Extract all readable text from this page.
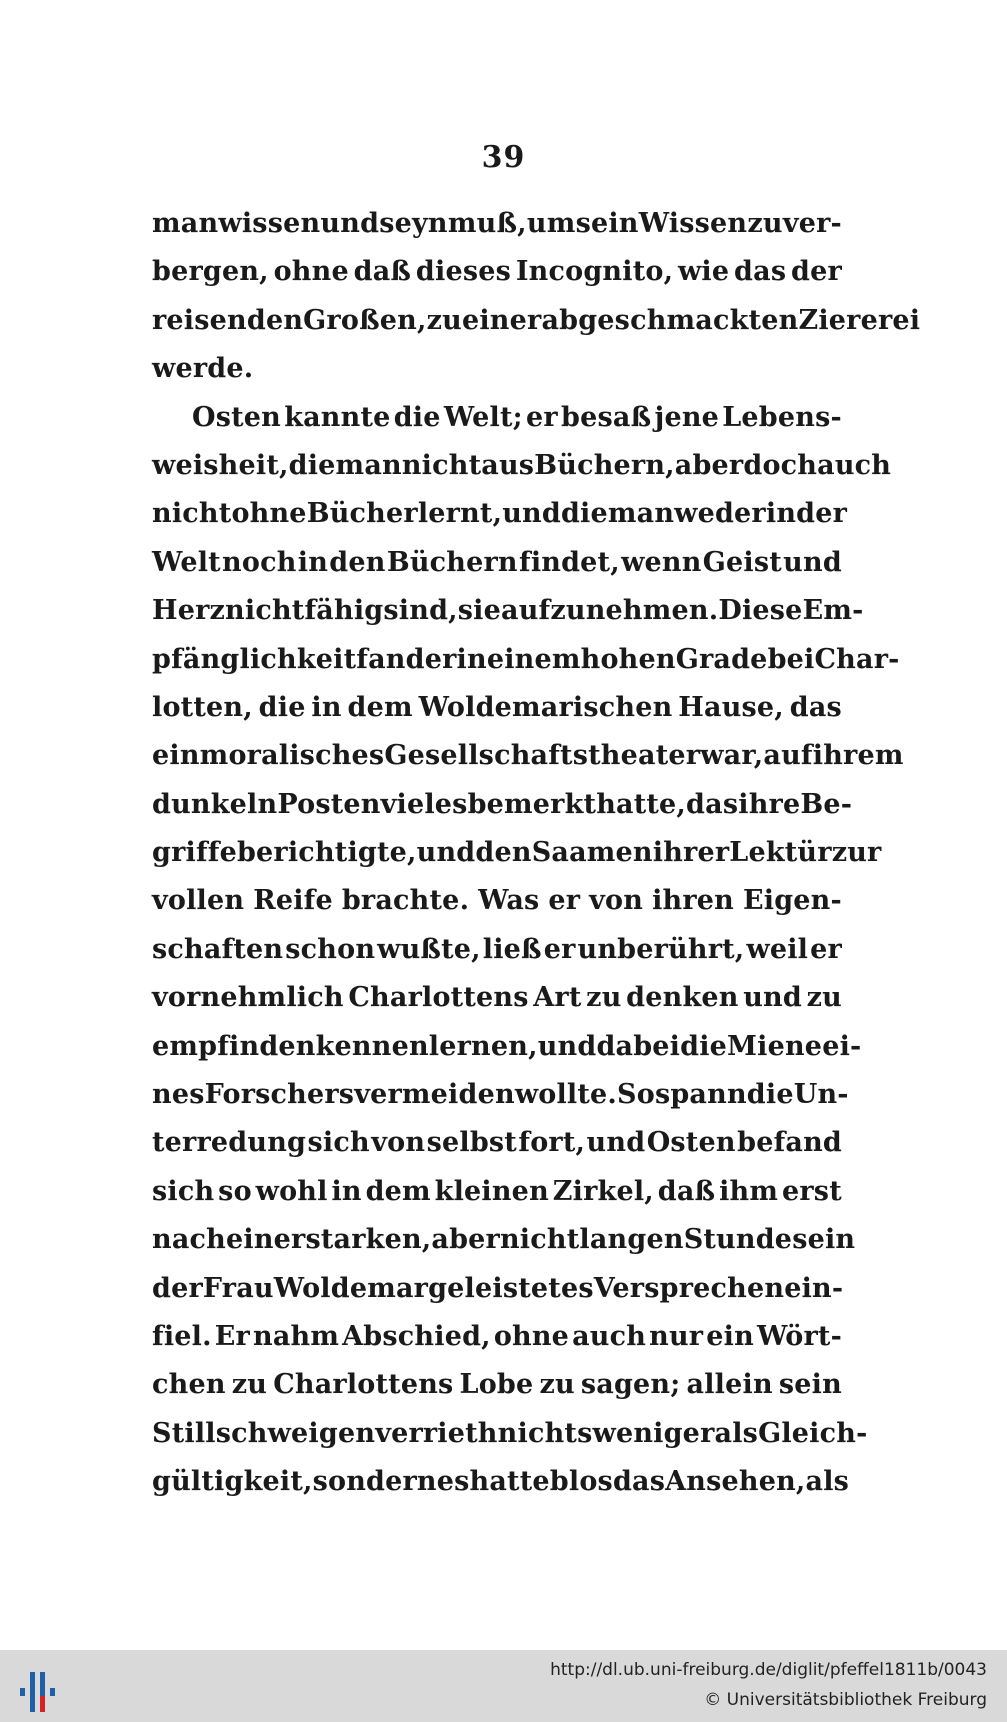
39
man wissen und seyn muß, um sein Wissen zu ver-
bergen, ohne daß dieses Incognito, wie das der
reisenden Großen, zu einer abgeschmackten Ziererei
werde.
Osten kannte die Welt; er besaß jene Lebens-
weisheit, die man nicht aus Büchern, aber doch auch
nicht ohne Bücher lernt, und die man weder in der
Welt noch in den Büchern findet, wenn Geist und
Herz nicht fähig sind, sie aufzunehmen. Diese Em-
pfänglichkeit fand er in einem hohen Grade bei Char-
lotten, die in dem Woldemarischen Hause, das
ein moralisches Gesellschaftstheater war, auf ihrem
dunkeln Posten vieles bemerkt hatte, das ihre Be-
griffe berichtigte, und den Saamen ihrer Lektür zur
vollen Reife brachte. Was er von ihren Eigen-
schaften schon wußte, ließ er unberührt, weil er
vornehmlich Charlottens Art zu denken und zu
empfinden kennen lernen, und dabei die Miene ei-
nes Forschers vermeiden wollte. So spann die Un-
terredung sich von selbst fort, und Osten befand
sich so wohl in dem kleinen Zirkel, daß ihm erst
nach einer starken, aber nicht langen Stunde sein
der Frau Woldemar geleistetes Versprechen ein-
fiel. Er nahm Abschied, ohne auch nur ein Wört-
chen zu Charlottens Lobe zu sagen; allein sein
Stillschweigen verrieth nichts weniger als Gleich-
gültigkeit, sondern es hatte blos das Ansehen, als
http://dl.ub.uni-freiburg.de/diglit/pfeffel1811b/0043
© Universitätsbibliothek Freiburg
